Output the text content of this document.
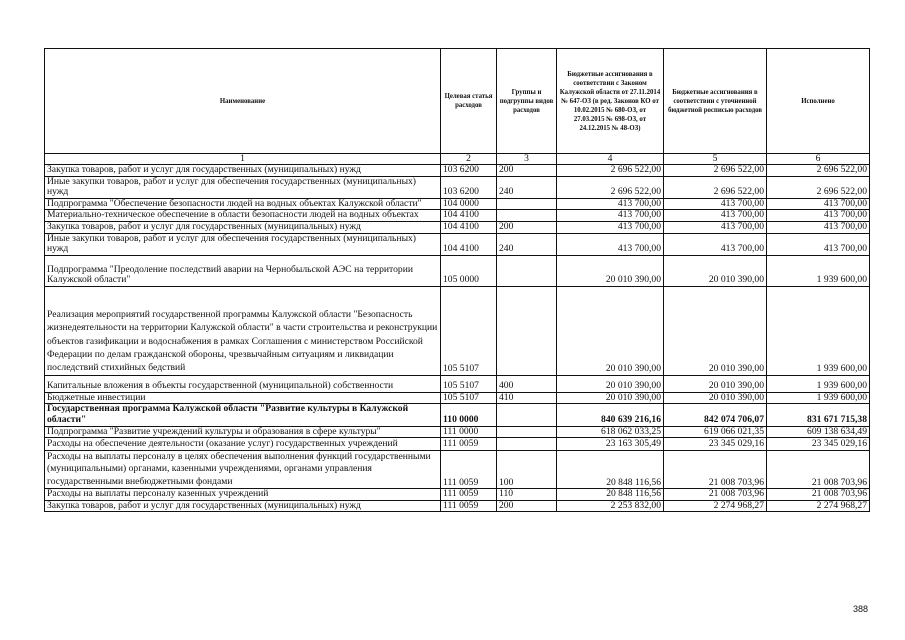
Наименование	Целевая статья расходов	Группы и подгруппы видов расходов	Бюджетные ассигнования в соответствии с Законом Калужской области от 27.11.2014 № 647-ОЗ (в ред. Законов КО от 10.02.2015 № 680-ОЗ, от 27.03.2015 № 698-ОЗ, от 24.12.2015 № 48-ОЗ)	Бюджетные ассигнования в соответствии с уточненной бюджетной росписью расходов	Исполнено
1	2	3	4	5	6
Закупка товаров, работ и услуг для государственных (муниципальных) нужд	103 6200	200	2 696 522,00	2 696 522,00	2 696 522,00
Иные закупки товаров, работ и услуг для обеспечения государственных (муниципальных) нужд	103 6200	240	2 696 522,00	2 696 522,00	2 696 522,00
Подпрограмма "Обеспечение безопасности людей на водных объектах Калужской области"	104 0000		413 700,00	413 700,00	413 700,00
Материально-техническое обеспечение в области безопасности людей на водных объектах	104 4100		413 700,00	413 700,00	413 700,00
Закупка товаров, работ и услуг для государственных (муниципальных) нужд	104 4100	200	413 700,00	413 700,00	413 700,00
Иные закупки товаров, работ и услуг для обеспечения государственных (муниципальных) нужд	104 4100	240	413 700,00	413 700,00	413 700,00
Подпрограмма "Преодоление последствий аварии на Чернобыльской АЭС на территории Калужской области"	105 0000		20 010 390,00	20 010 390,00	1 939 600,00
Реализация мероприятий государственной программы Калужской области "Безопасность жизнедеятельности на территории Калужской области" в части строительства и реконструкции объектов газификации и водоснабжения в рамках Соглашения с министерством Российской Федерации по делам гражданской обороны, чрезвычайным ситуациям и ликвидации последствий стихийных бедствий	105 5107		20 010 390,00	20 010 390,00	1 939 600,00
Капитальные вложения в объекты государственной (муниципальной) собственности	105 5107	400	20 010 390,00	20 010 390,00	1 939 600,00
Бюджетные инвестиции	105 5107	410	20 010 390,00	20 010 390,00	1 939 600,00
Государственная программа Калужской области "Развитие культуры в Калужской области"	110 0000		840 639 216,16	842 074 706,07	831 671 715,38
Подпрограмма "Развитие учреждений культуры и образования в сфере культуры"	111 0000		618 062 033,25	619 066 021,35	609 138 634,49
Расходы на обеспечение деятельности (оказание услуг) государственных учреждений	111 0059		23 163 305,49	23 345 029,16	23 345 029,16
Расходы на выплаты персоналу в целях обеспечения выполнения функций государственными (муниципальными) органами, казенными учреждениями, органами управления государственными внебюджетными фондами	111 0059	100	20 848 116,56	21 008 703,96	21 008 703,96
Расходы на выплаты персоналу казенных учреждений	111 0059	110	20 848 116,56	21 008 703,96	21 008 703,96
Закупка товаров, работ и услуг для государственных (муниципальных) нужд	111 0059	200	2 253 832,00	2 274 968,27	2 274 968,27
388
